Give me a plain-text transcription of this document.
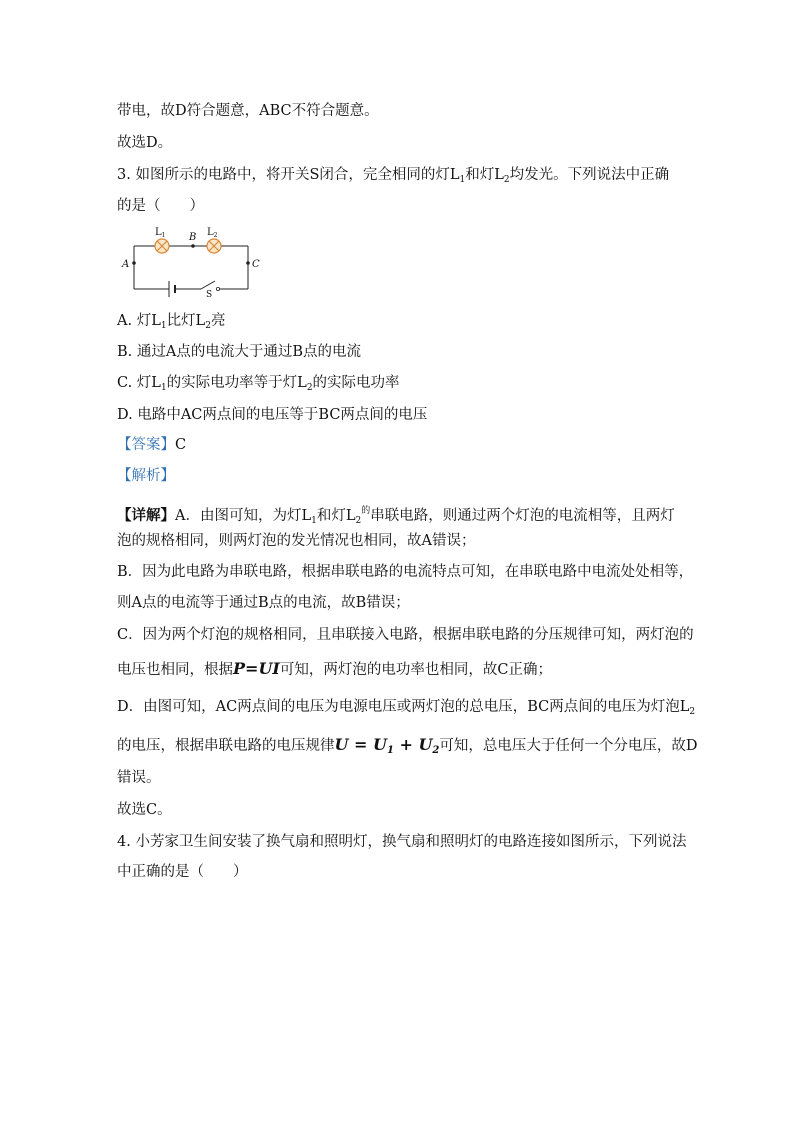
带电，故D符合题意，ABC不符合题意。
故选D。
3. 如图所示的电路中，将开关S闭合，完全相同的灯$L_1$和灯$L_2$均发光。下列说法中正确
的是（　　）
$L_1$	$L_2$
B
A	C
S
A. 灯$L_1$比灯$L_2$亮
B. 通过A点的电流大于通过B点的电流
C. 灯$L_1$的实际电功率等于灯$L_2$的实际电功率
D. 电路中AC两点间的电压等于BC两点间的电压
【答案】C
【解析】
【详解】A．由图可知，为灯$L_1$和灯$L_2^的$串联电路，则通过两个灯泡的电流相等，且两灯
泡的规格相同，则两灯泡的发光情况也相同，故A错误；
B．因为此电路为串联电路，根据串联电路的电流特点可知，在串联电路中电流处处相等，
则A点的电流等于通过B点的电流，故B错误；
C．因为两个灯泡的规格相同，且串联接入电路，根据串联电路的分压规律可知，两灯泡的
电压也相同，根据P=UI可知，两灯泡的电功率也相同，故C正确；
D．由图可知，AC两点间的电压为电源电压或两灯泡的总电压，BC两点间的电压为灯泡$L_2$
的电压，根据串联电路的电压规律U = U1 + U2可知，总电压大于任何一个分电压，故D
错误。
故选C。
4. 小芳家卫生间安装了换气扇和照明灯，换气扇和照明灯的电路连接如图所示，下列说法
中正确的是（　　）
